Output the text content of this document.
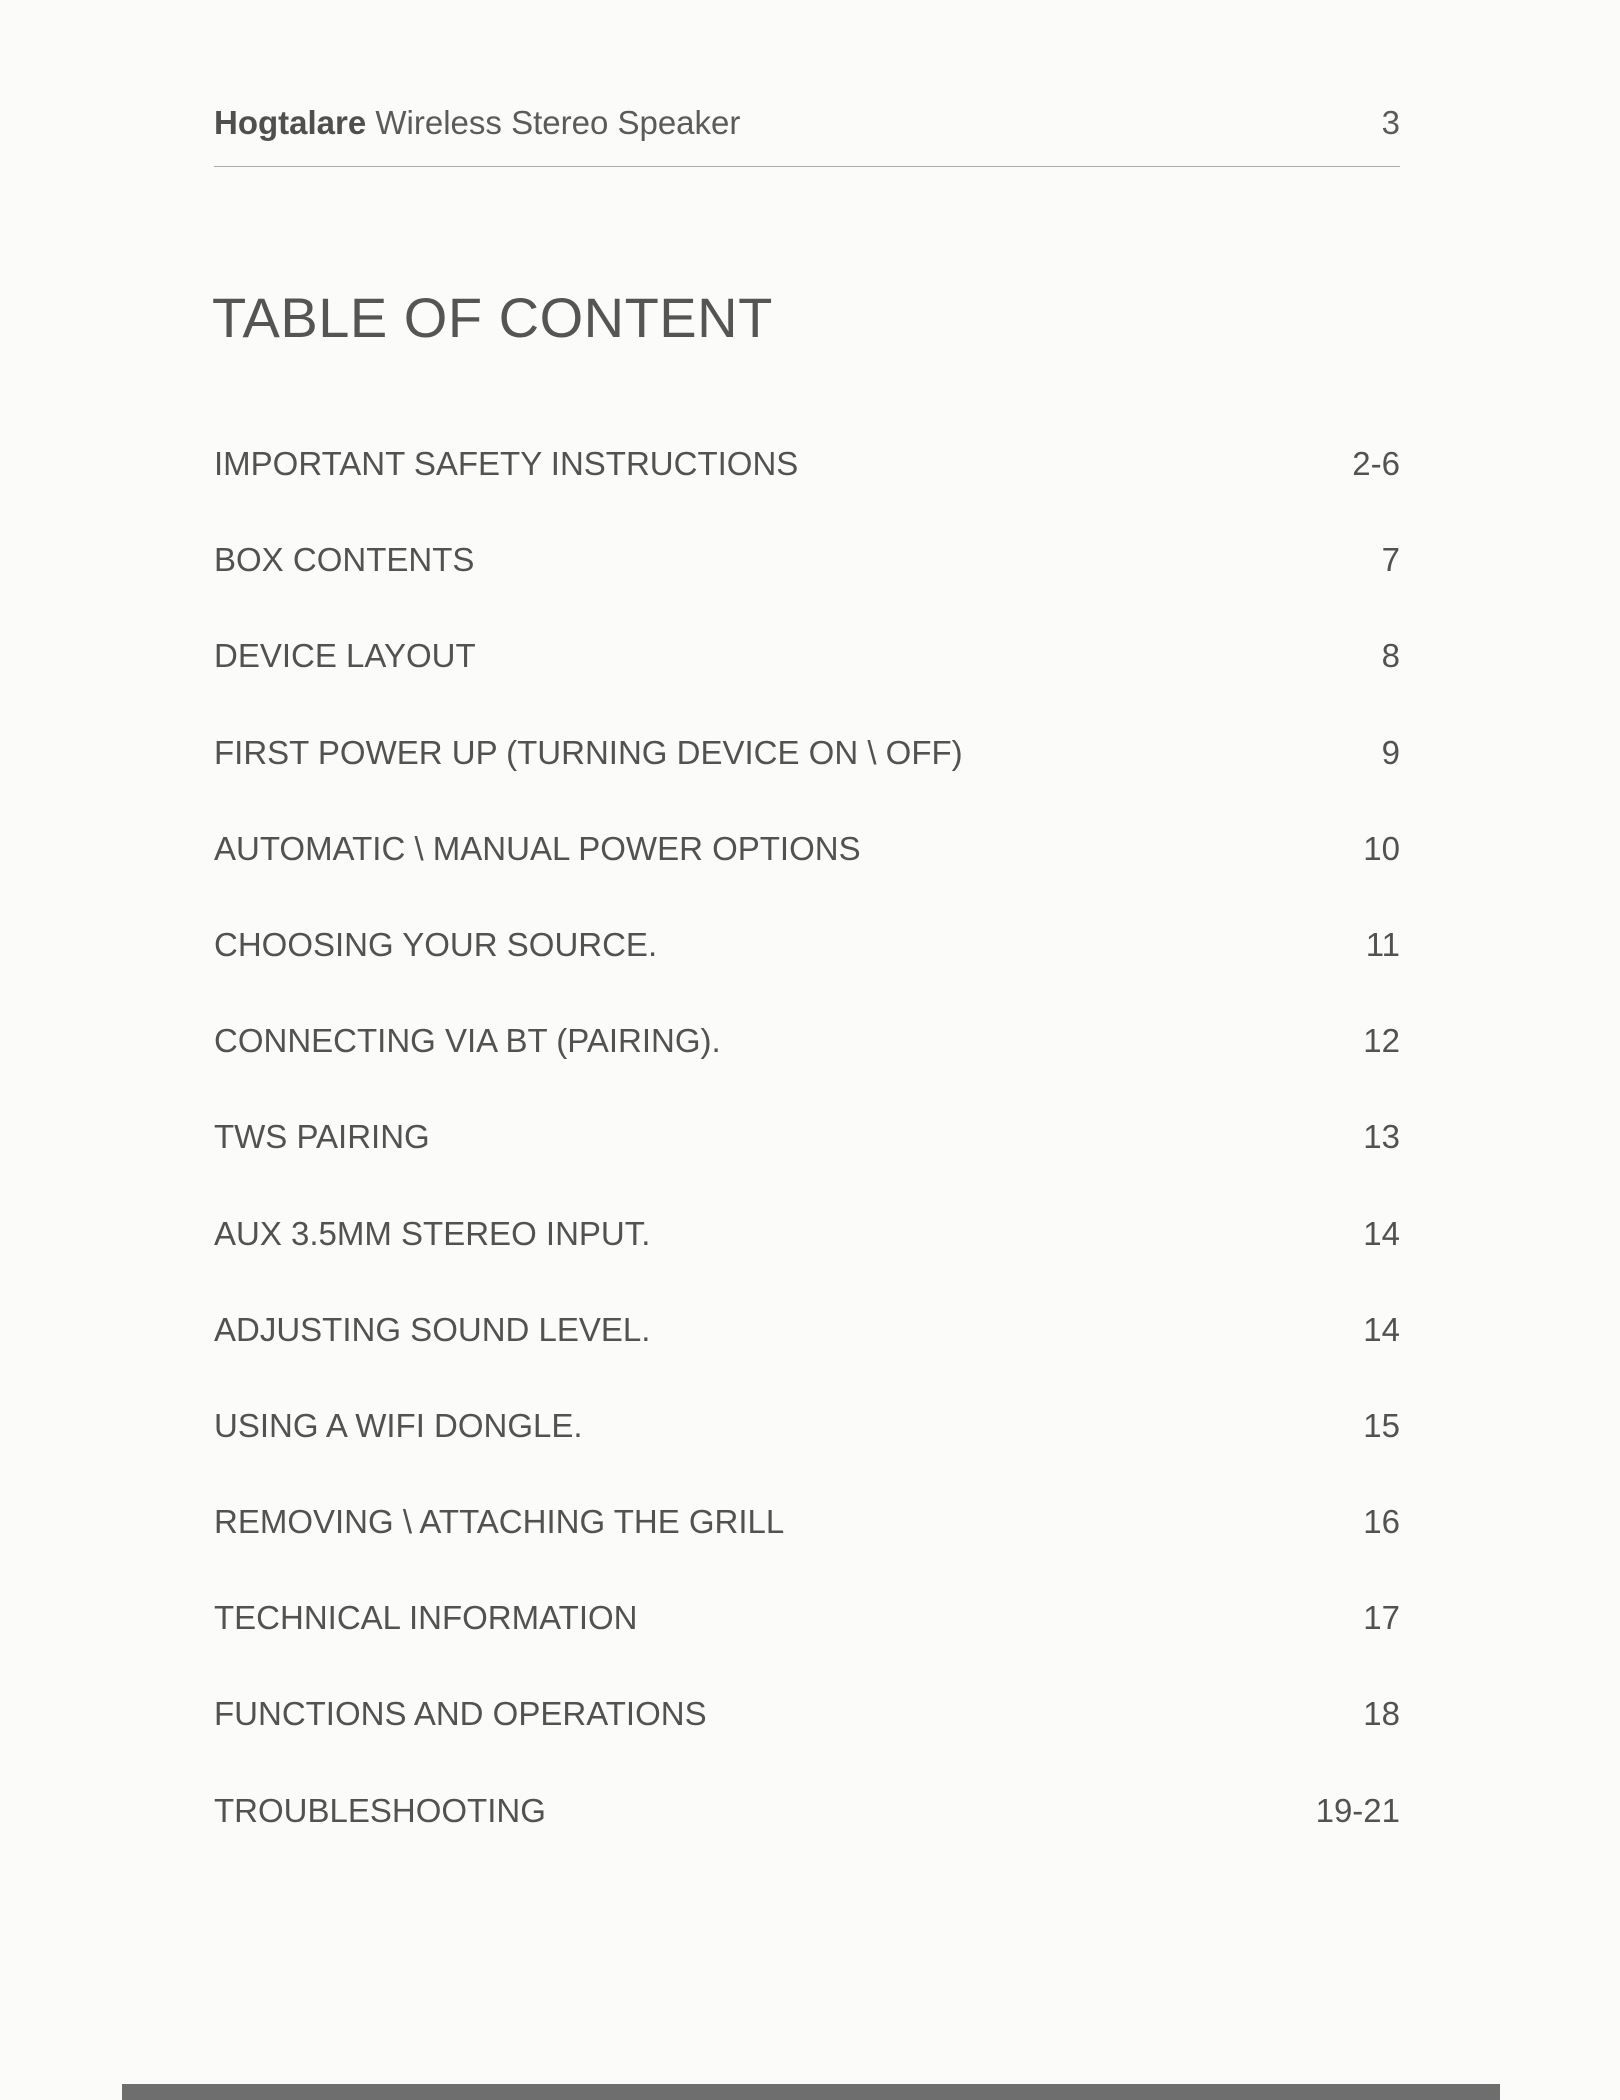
Hogtalare Wireless Stereo Speaker	3
TABLE OF CONTENT
IMPORTANT SAFETY INSTRUCTIONS	2-6
BOX CONTENTS	7
DEVICE LAYOUT	8
FIRST POWER UP (TURNING DEVICE ON \ OFF)	9
AUTOMATIC \ MANUAL POWER OPTIONS	10
CHOOSING YOUR SOURCE.	11
CONNECTING VIA BT (PAIRING).	12
TWS PAIRING	13
AUX 3.5MM STEREO INPUT.	14
ADJUSTING SOUND LEVEL.	14
USING A WIFI DONGLE.	15
REMOVING \ ATTACHING THE GRILL	16
TECHNICAL INFORMATION	17
FUNCTIONS AND OPERATIONS	18
TROUBLESHOOTING	19-21
